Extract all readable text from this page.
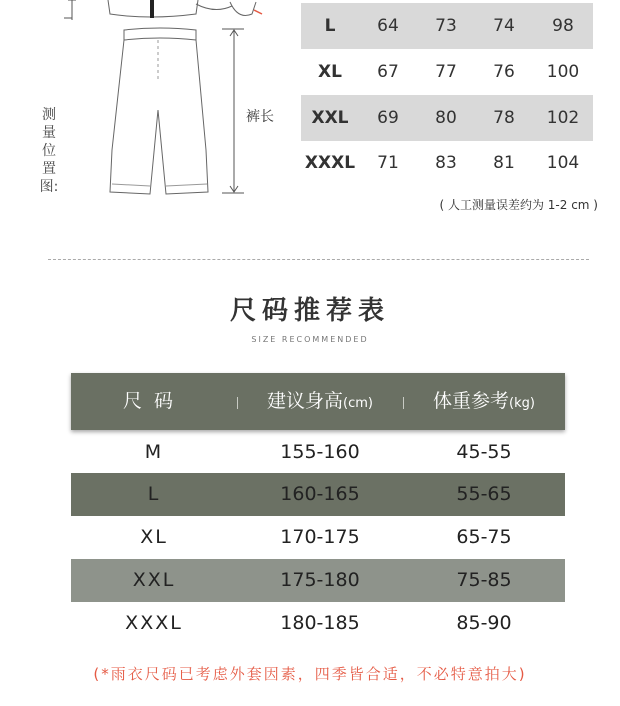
测量位置图:
裤长
L	64	73	74	98
XL	67	77	76	100
XXL	69	80	78	102
XXXL	71	83	81	104
( 人工测量误差约为 1-2 cm )
尺码推荐表
SIZE RECOMMENDED
尺码	建议身高(cm)	体重参考(kg)
M	155-160	45-55
L	160-165	55-65
XL	170-175	65-75
XXL	175-180	75-85
XXXL	180-185	85-90
(*雨衣尺码已考虑外套因素，四季皆合适，不必特意拍大)
